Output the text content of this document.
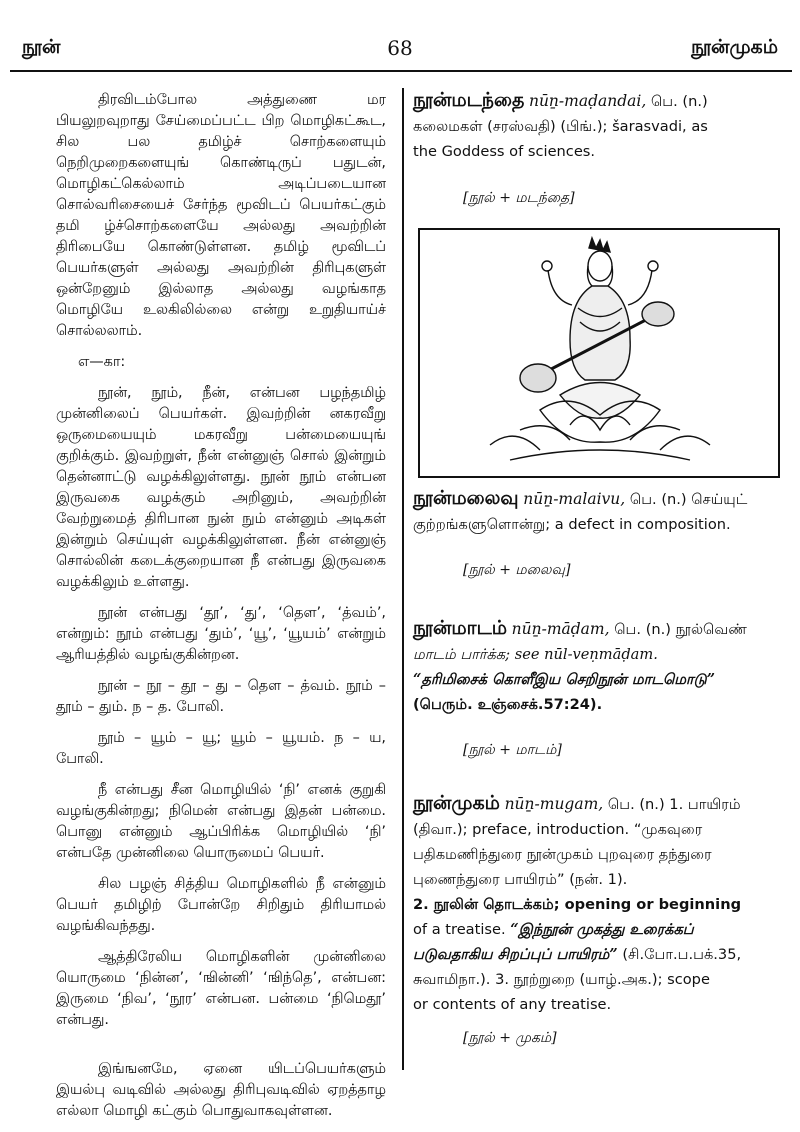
நூன்	68	நூன்முகம்

திரவிடம்போல அத்துணை மர பியலுறவுறாது சேய்மைப்பட்ட பிற மொழிகட்கூட, சில பல தமிழ்ச் சொற்களையும் நெறிமுறைகளையுங் கொண்டிருப் பதுடன், மொழிகட்கெல்லாம் அடிப்படையான சொல்வரிசையைச் சேர்ந்த மூவிடப் பெயர்கட்கும் தமி ழ்ச்சொற்களையே அல்லது அவற்றின் திரிபையே கொண்டுள்ளன. தமிழ் மூவிடப் பெயர்களுள் அல்லது அவற்றின் திரிபுகளுள் ஒன்றேனும் இல்லாத அல்லது வழங்காத மொழியே உலகிலில்லை என்று உறுதியாய்ச் சொல்லலாம்.

எ—கா:

நூன், நூம், நீன், என்பன பழந்தமிழ் முன்னிலைப் பெயர்கள். இவற்றின் னகரவீறு ஒருமையையும் மகரவீறு பன்மையையுங் குறிக்கும். இவற்றுள், நீன் என்னுஞ் சொல் இன்றும் தென்னாட்டு வழக்கிலுள்ளது. நூன் நூம் என்பன இருவகை வழக்கும் அறினும், அவற்றின் வேற்றுமைத் திரிபான நுன் நும் என்னும் அடிகள் இன்றும் செய்யுள் வழக்கிலுள்ளன. நீன் என்னுஞ் சொல்லின் கடைக்குறையான நீ என்பது இருவகை வழக்கிலும் உள்ளது.

நூன் என்பது ‘தூ’, ‘து’, ‘தௌ’, ‘த்வம்’, என்றும்: நூம் என்பது ‘தும்’, ‘யூ’, ‘யூயம்’ என்றும் ஆரியத்தில் வழங்குகின்றன.

நூன் – நூ – தூ – து – தௌ – த்வம். நூம் – தூம் – தும். ந – த. போலி.

நூம் – யூம் – யூ; யூம் – யூயம். ந – ய, போலி.

நீ என்பது சீன மொழியில் ‘நி’ எனக் குறுகி வழங்குகின்றது; நிமென் என்பது இதன் பன்மை. பொனு என்னும் ஆப்பிரிக்க மொழியில் ‘நி’ என்பதே முன்னிலை யொருமைப் பெயர்.

சில பழஞ் சித்திய மொழிகளில் நீ என்னும் பெயர் தமிழிற் போன்றே சிறிதும் திரியாமல் வழங்கிவந்தது.

ஆத்திரேலிய மொழிகளின் முன்னிலை யொருமை ‘நின்ன’, ‘ஙின்னி’ ‘ஙிந்தெ’, என்பன: இருமை ‘நிவ’, ‘நூர’ என்பன. பன்மை ‘நிமெதூ’ என்பது.

இங்ஙனமே, ஏனை யிடப்பெயர்களும் இயல்பு வடிவில் அல்லது திரிபுவடிவில் ஏறத்தாழ எல்லா மொழி கட்கும் பொதுவாகவுள்ளன.

நூன்மடந்தை nūṉ-maḍandai, பெ. (n.)
கலைமகள் (சரஸ்வதி) (பிங்.); šarasvadi, as
the Goddess of sciences.
[நூல் + மடந்தை]
நூன்மலைவு nūṉ-malaivu, பெ. (n.) செய்யுட்
குற்றங்களுளொன்று; a defect in composition.
[நூல் + மலைவு]
நூன்மாடம் nūṉ-māḍam, பெ. (n.) நூல்வெண்
மாடம் பார்க்க; see nūl-veṇmāḍam.
“தரிமிசைக் கொளீஇய செறிநூன் மாடமொடு”
(பெரும். உஞ்சைக்.57:24).
[நூல் + மாடம்]
நூன்முகம் nūṉ-mugam, பெ. (n.) 1. பாயிரம்
(திவா.); preface, introduction. “முகவுரை
பதிகமணிந்துரை நூன்முகம் புறவுரை தந்துரை
புணைந்துரை பாயிரம்” (நன். 1).
2. நூலின் தொடக்கம்; opening or beginning
of a treatise. “இந்நூன் முகத்து உரைக்கப்
படுவதாகிய சிறப்புப் பாயிரம்” (சி.போ.ப.பக்.35,
சுவாமிநா.). 3. நூற்றுறை (யாழ்.அக.); scope
or contents of any treatise.
[நூல் + முகம்]
